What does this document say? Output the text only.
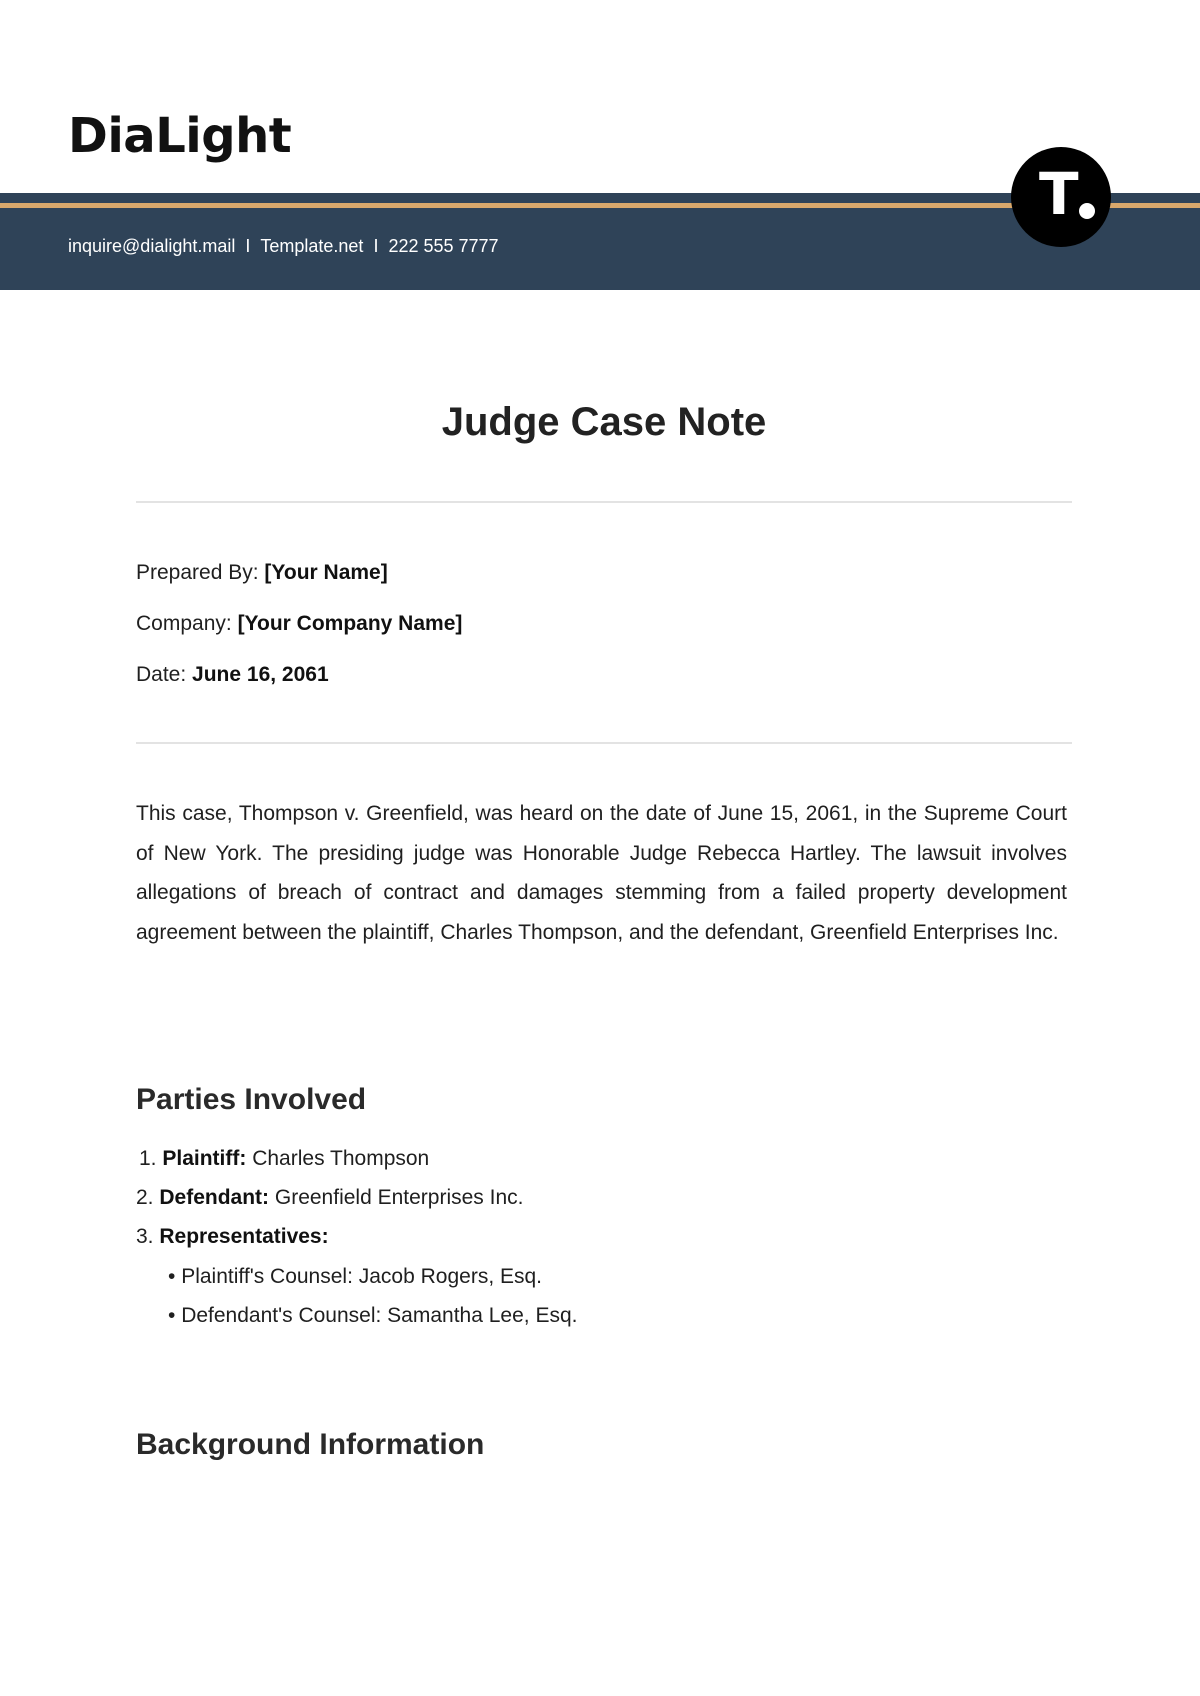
DiaLight
inquire@dialight.mail I Template.net I 222 555 7777
T
Judge Case Note
Prepared By: [Your Name]
Company: [Your Company Name]
Date: June 16, 2061

This case, Thompson v. Greenfield, was heard on the date of June 15, 2061, in the Supreme Court of New York. The presiding judge was Honorable Judge Rebecca Hartley. The lawsuit involves allegations of breach of contract and damages stemming from a failed property development agreement between the plaintiff, Charles Thompson, and the defendant, Greenfield Enterprises Inc.

Parties Involved
1. Plaintiff: Charles Thompson
2. Defendant: Greenfield Enterprises Inc.
3. Representatives:
• Plaintiff's Counsel: Jacob Rogers, Esq.
• Defendant's Counsel: Samantha Lee, Esq.
Background Information
